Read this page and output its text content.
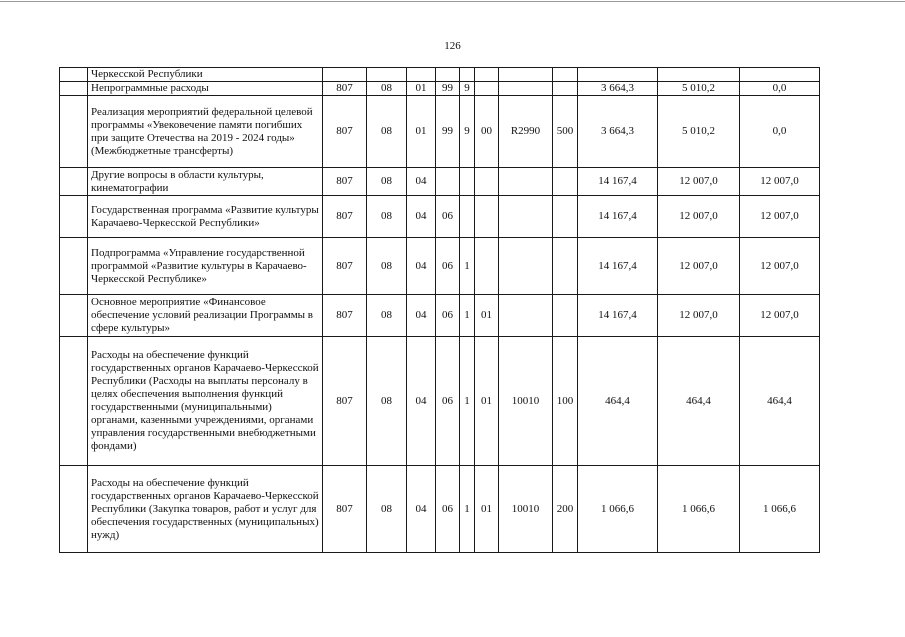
126
	Черкесской Республики											
	Непрограммные расходы	807	08	01	99	9				3 664,3	5 010,2	0,0
	Реализация мероприятий федеральной целевой программы «Увековечение памяти погибших при защите Отечества на 2019 - 2024 годы» (Межбюджетные трансферты)	807	08	01	99	9	00	R2990	500	3 664,3	5 010,2	0,0
	Другие вопросы в области культуры, кинематографии	807	08	04						14 167,4	12 007,0	12 007,0
	Государственная программа «Развитие культуры Карачаево-Черкесской Республики»	807	08	04	06					14 167,4	12 007,0	12 007,0
	Подпрограмма «Управление государственной программой «Развитие культуры в Карачаево-Черкесской Республике»	807	08	04	06	1				14 167,4	12 007,0	12 007,0
	Основное мероприятие «Финансовое обеспечение условий реализации Программы в сфере культуры»	807	08	04	06	1	01			14 167,4	12 007,0	12 007,0
	Расходы на обеспечение функций государственных органов Карачаево-Черкесской Республики (Расходы на выплаты персоналу в целях обеспечения выполнения функций государственными (муниципальными) органами, казенными учреждениями, органами управления государственными внебюджетными фондами)	807	08	04	06	1	01	10010	100	464,4	464,4	464,4
	Расходы на обеспечение функций государственных органов Карачаево-Черкесской Республики (Закупка товаров, работ и услуг для обеспечения государственных (муниципальных) нужд)	807	08	04	06	1	01	10010	200	1 066,6	1 066,6	1 066,6
